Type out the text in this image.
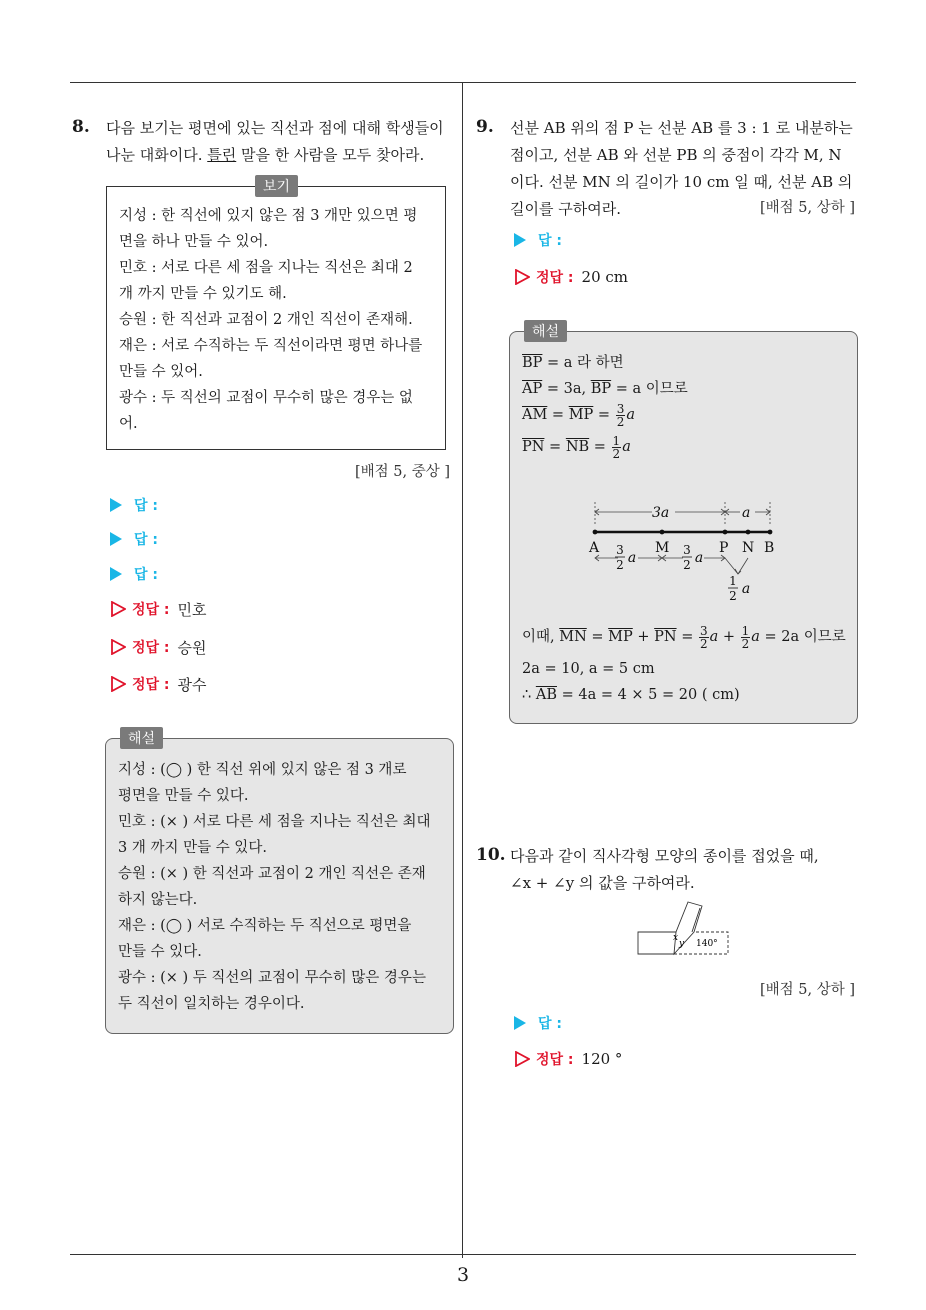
8. 다음 보기는 평면에 있는 직선과 점에 대해 학생들이

나눈 대화이다. 틀린 말을 한 사람을 모두 찾아라.

지성 : 한 직선에 있지 않은 점 3 개만 있으면 평

면을 하나 만들 수 있어.

민호 : 서로 다른 세 점을 지나는 직선은 최대 2

개 까지 만들 수 있기도 해.

승원 : 한 직선과 교점이 2 개인 직선이 존재해.

재은 : 서로 수직하는 두 직선이라면 평면 하나를

만들 수 있어.

광수 : 두 직선의 교점이 무수히 많은 경우는 없

어.

보기
[배점 5, 중상 ]
답 :
답 :
답 :
정답 : 민호
정답 : 승원
정답 : 광수

지성 : (◯ ) 한 직선 위에 있지 않은 점 3 개로

평면을 만들 수 있다.

민호 : (× ) 서로 다른 세 점을 지나는 직선은 최대

3 개 까지 만들 수 있다.

승원 : (× ) 한 직선과 교점이 2 개인 직선은 존재

하지 않는다.

재은 : (◯ ) 서로 수직하는 두 직선으로 평면을

만들 수 있다.

광수 : (× ) 두 직선의 교점이 무수히 많은 경우는

두 직선이 일치하는 경우이다.

해설
9. 선분 AB 위의 점 P 는 선분 AB 를 3 : 1 로 내분하는

점이고, 선분 AB 와 선분 PB 의 중점이 각각 M, N

이다. 선분 MN 의 길이가 10 cm 일 때, 선분 AB 의

길이를 구하여라.	[배점 5, 상하 ]
답 :
정답 : 20 cm

$\overline{BP} = a$ 라 하면

$\overline{AP} = 3a$, $\overline{BP} = a$ 이므로

$\overline{AM} = \overline{MP} = \frac{3}{2}$ a

$\overline{PN} = \overline{NB} = \frac{1}{2}$ a

3a	a
A	M	P N B
3
2 a	3
2 a
1
2 a

이때, $\overline{MN} = \overline{MP} + \overline{PN} = \frac{3}{2}$ $a + \frac{1}{2}$ a = 2a 이므로

2a = 10, a = 5 cm

∴ $\overline{AB} = 4a = 4 \times 5 = 20$ ( cm)

해설
10. 다음과 같이 직사각형 모양의 종이를 접었을 때,

∠x + ∠y 의 값을 구하여라.

x
y 140°
[배점 5, 상하 ]
답 :
정답 : 120 °
3
